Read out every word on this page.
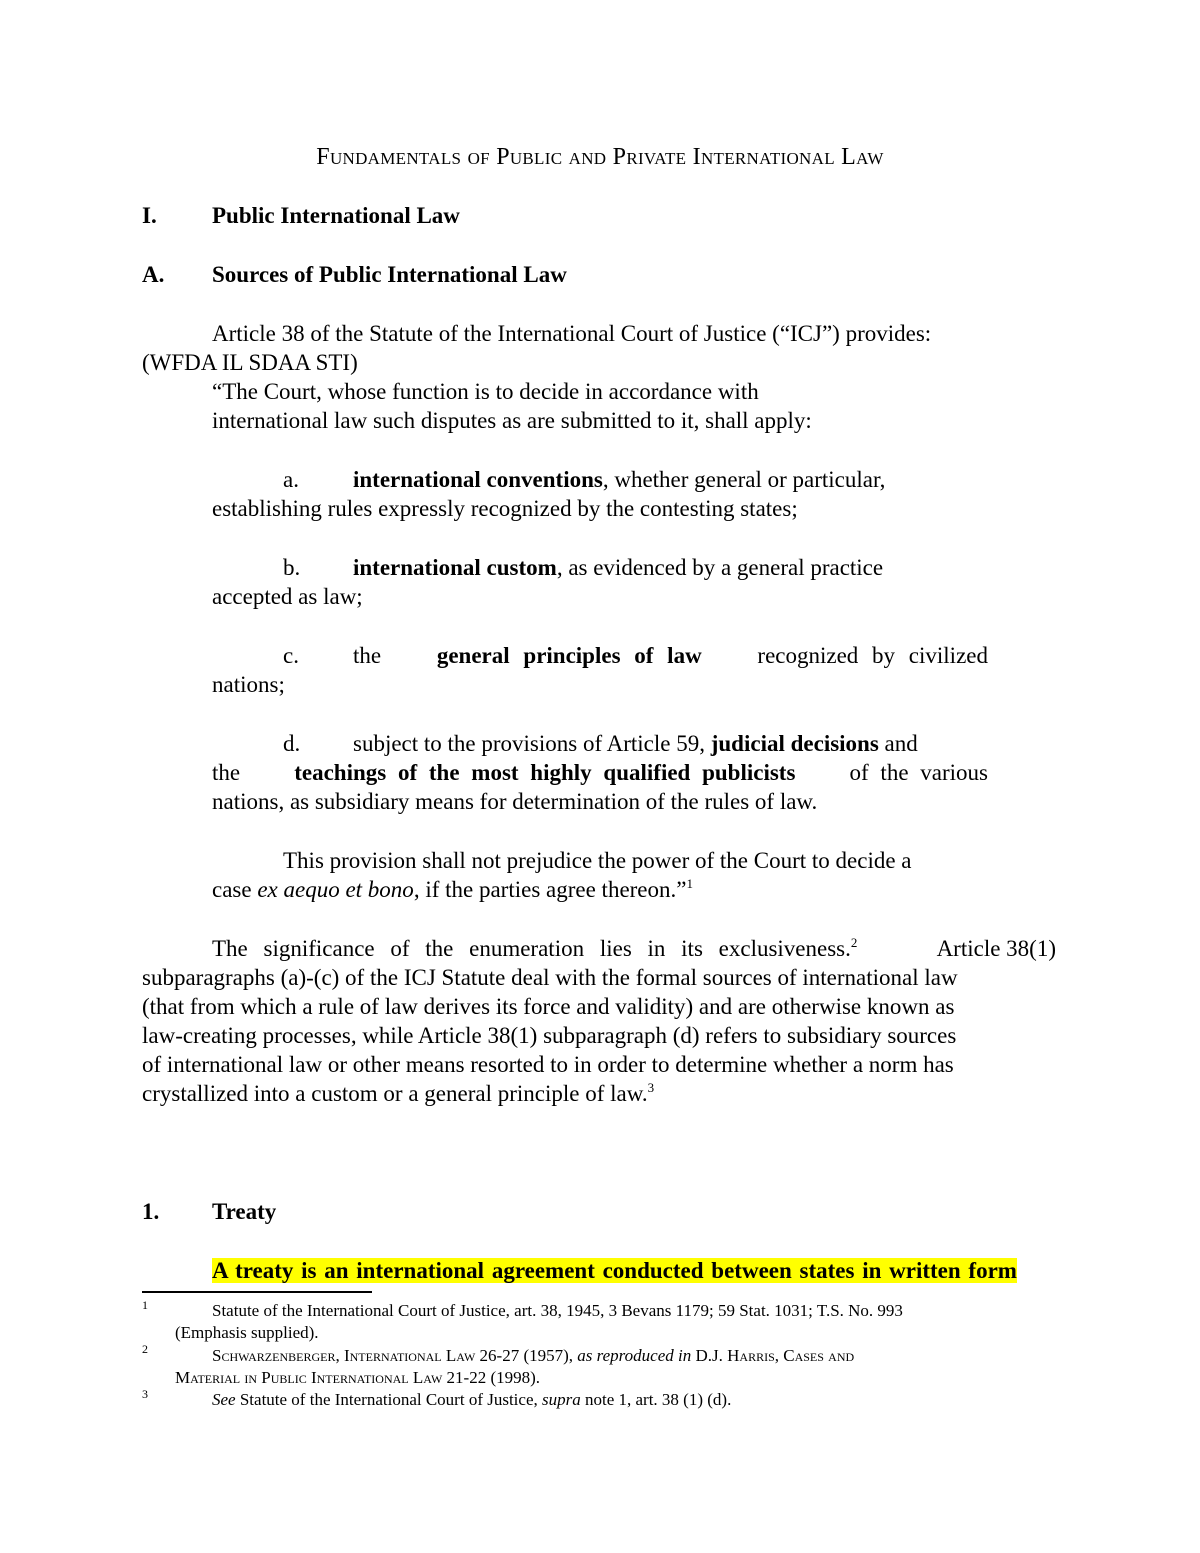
Fundamentals of Public and Private International Law
I. Public International Law
A. Sources of Public International Law
Article 38 of the Statute of the International Court of Justice (“ICJ”) provides:
(WFDA IL SDAA STI)
“The Court, whose function is to decide in accordance with
international law such disputes as are submitted to it, shall apply:
a. international conventions, whether general or particular,
establishing rules expressly recognized by the contesting states;
b. international custom, as evidenced by a general practice
accepted as law;
c. the general principles of law recognized by civilized
nations;
d. subject to the provisions of Article 59, judicial decisions and
the teachings of the most highly qualified publicists of the various
nations, as subsidiary means for determination of the rules of law.
This provision shall not prejudice the power of the Court to decide a
case ex aequo et bono, if the parties agree thereon.”$^1$
The significance of the enumeration lies in its exclusiveness.$^2$	Article 38(1)
subparagraphs (a)-(c) of the ICJ Statute deal with the formal sources of international law
(that from which a rule of law derives its force and validity) and are otherwise known as
law-creating processes, while Article 38(1) subparagraph (d) refers to subsidiary sources
of international law or other means resorted to in order to determine whether a norm has
crystallized into a custom or a general principle of law.$^3$
1. Treaty
A treaty is an international agreement conducted between states in written form
1	Statute of the International Court of Justice, art. 38, 1945, 3 Bevans 1179; 59 Stat. 1031; T.S. No. 993
(Emphasis supplied).
2	Schwarzenberger, International Law 26-27 (1957), as reproduced in D.J. Harris, Cases and
Material in Public International Law 21-22 (1998).
3	See Statute of the International Court of Justice, supra note 1, art. 38 (1) (d).
